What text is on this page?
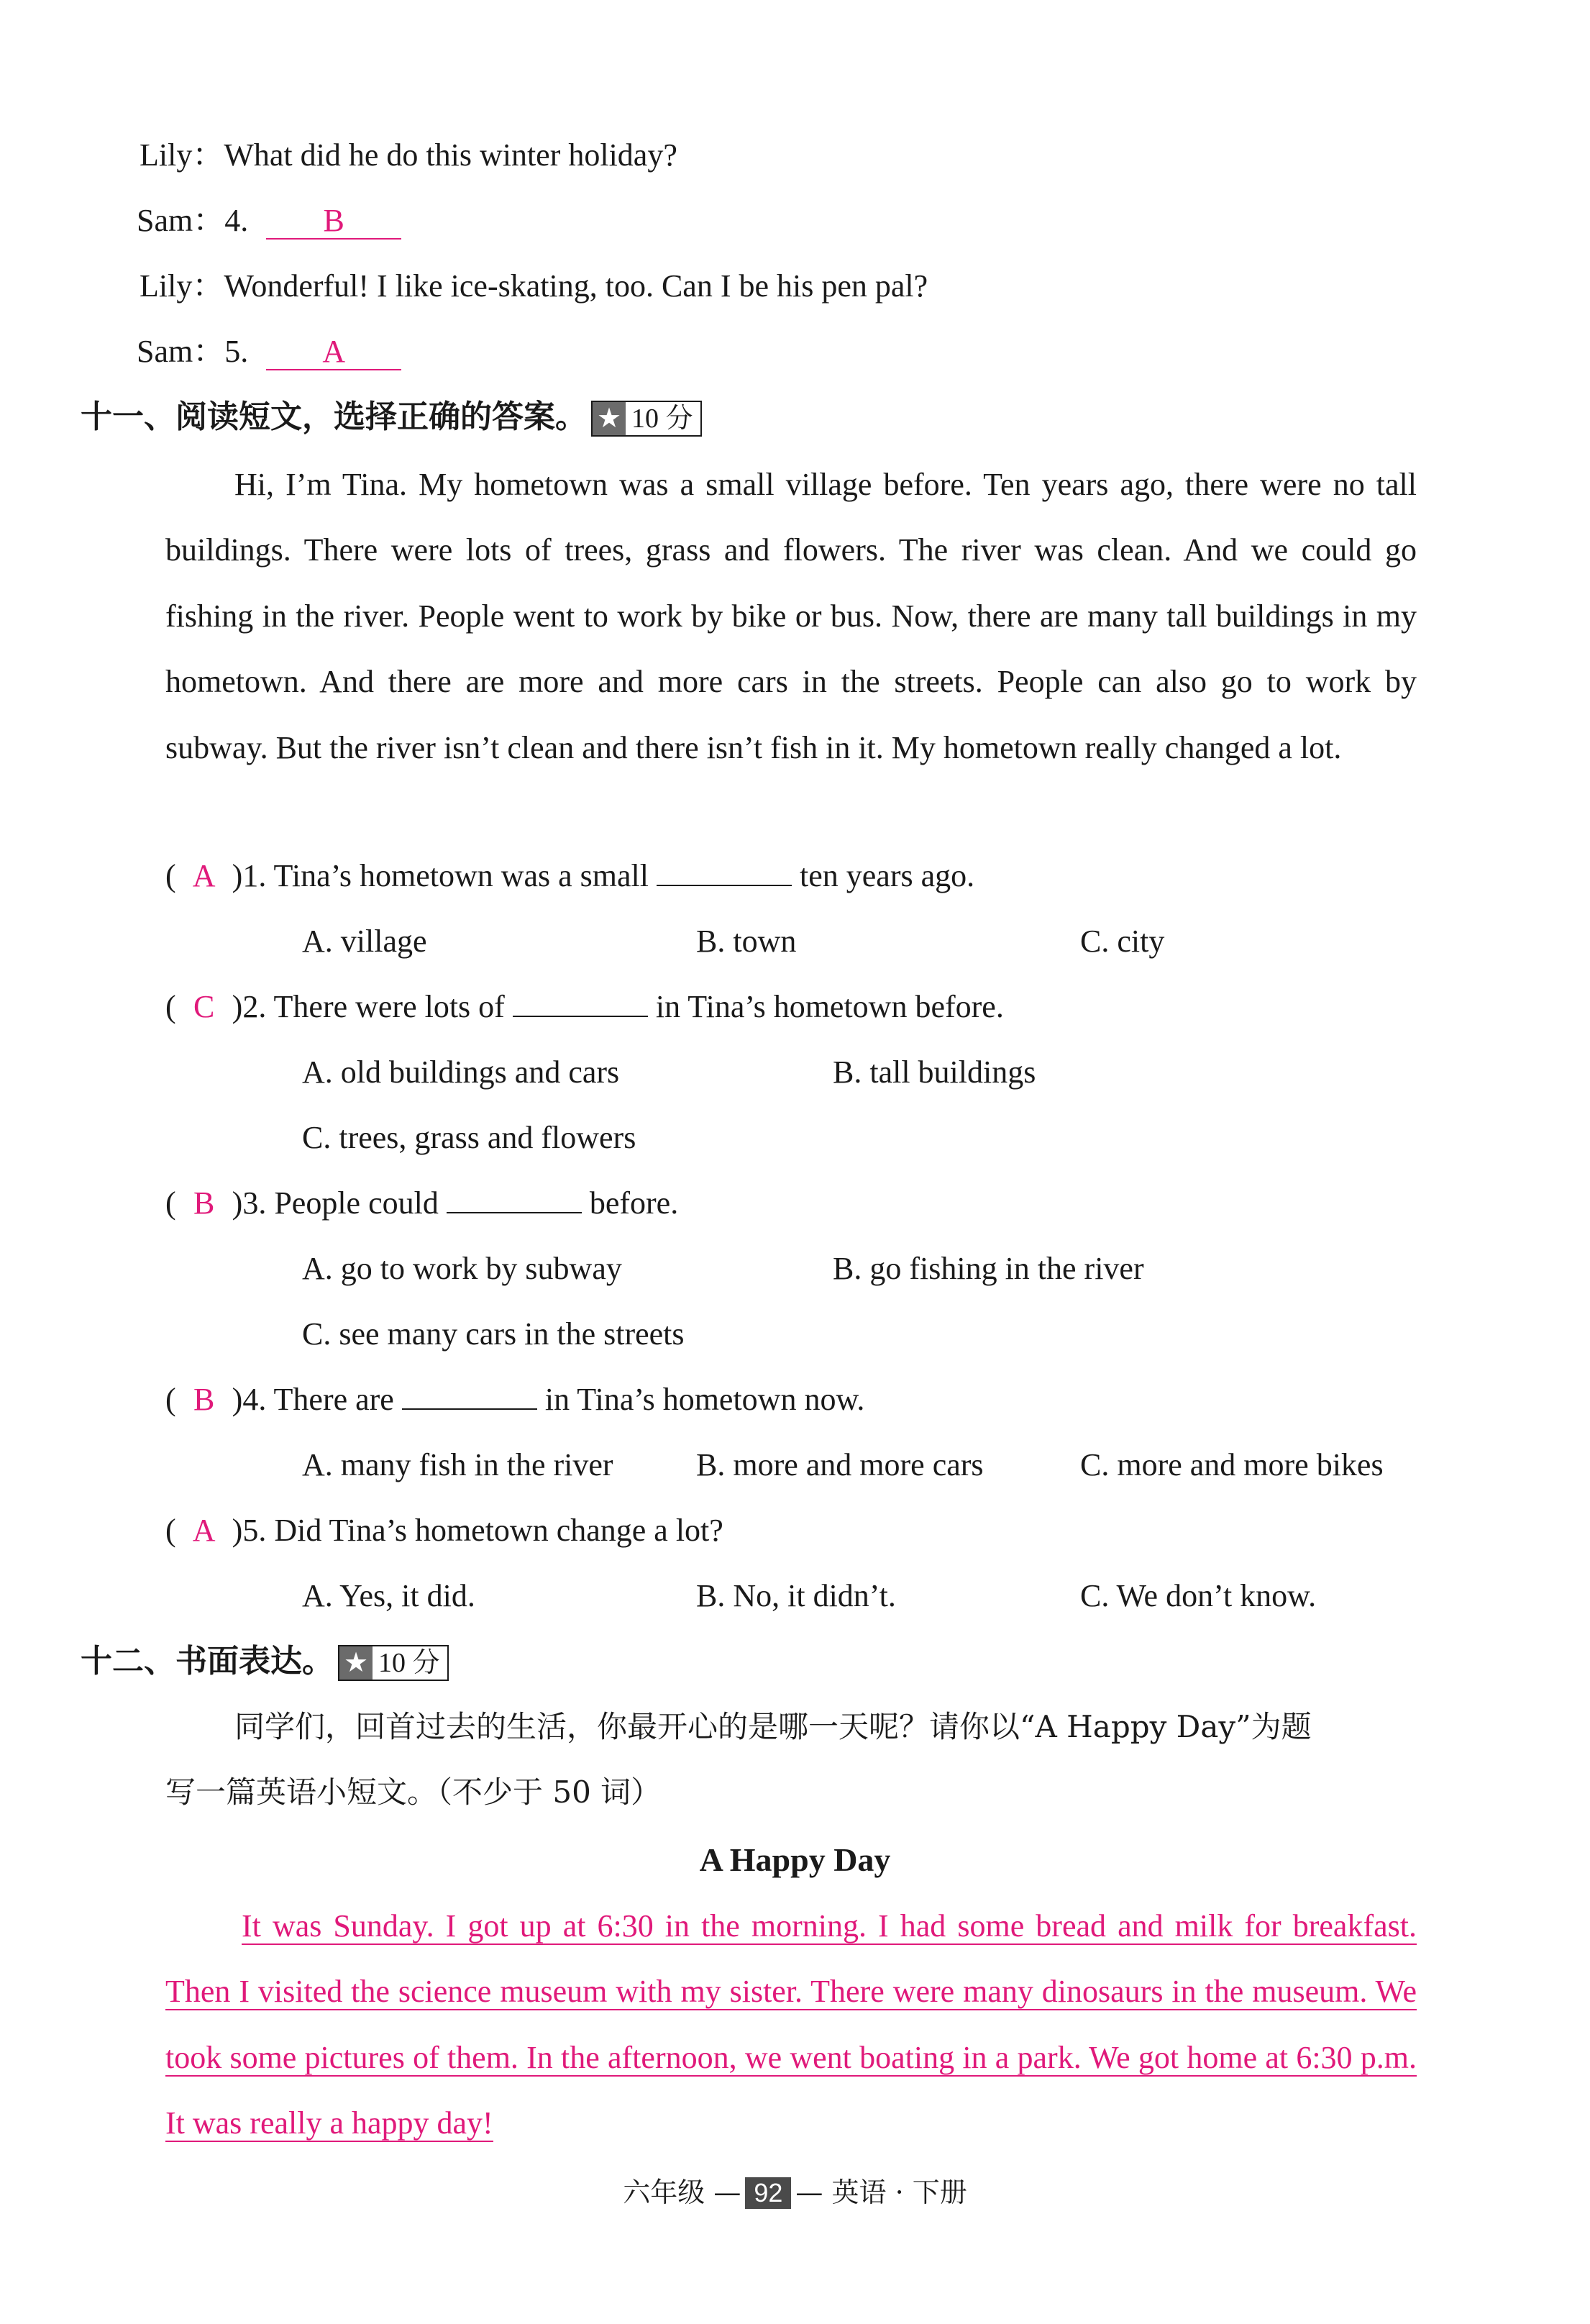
Lily：What did he do this winter holiday?
Sam：4. B
Lily：Wonderful! I like ice-skating, too. Can I be his pen pal?
Sam：5. A
十一、阅读短文，选择正确的答案。 ★ 10 分
Hi, I’m Tina. My hometown was a small village before. Ten years ago, there were no tall buildings. There were lots of trees, grass and flowers. The river was clean. And we could go fishing in the river. People went to work by bike or bus. Now, there are many tall buildings in my hometown. And there are more and more cars in the streets. People can also go to work by subway. But the river isn’t clean and there isn’t fish in it. My hometown really changed a lot.
( A )1. Tina’s hometown was a small	ten years ago.
A. village	B. town	C. city
( C )2. There were lots of	in Tina’s hometown before.
A. old buildings and cars	B. tall buildings
C. trees, grass and flowers
( B )3. People could	before.
A. go to work by subway	B. go fishing in the river
C. see many cars in the streets
( B )4. There are	in Tina’s hometown now.
A. many fish in the river	B. more and more cars	C. more and more bikes
( A )5. Did Tina’s hometown change a lot?
A. Yes, it did.	B. No, it didn’t.	C. We don’t know.
十二、书面表达。 ★ 10 分
同学们，回首过去的生活，你最开心的是哪一天呢？请你以“A Happy Day”为题
写一篇英语小短文。（不少于 50 词）
A Happy Day
It was Sunday. I got up at 6:30 in the morning. I had some bread and milk for breakfast. Then I visited the science museum with my sister. There were many dinosaurs in the museum. We took some pictures of them. In the afternoon, we went boating in a park. We got home at 6:30 p.m. It was really a happy day!
六年级 — 92 — 英语 · 下册
